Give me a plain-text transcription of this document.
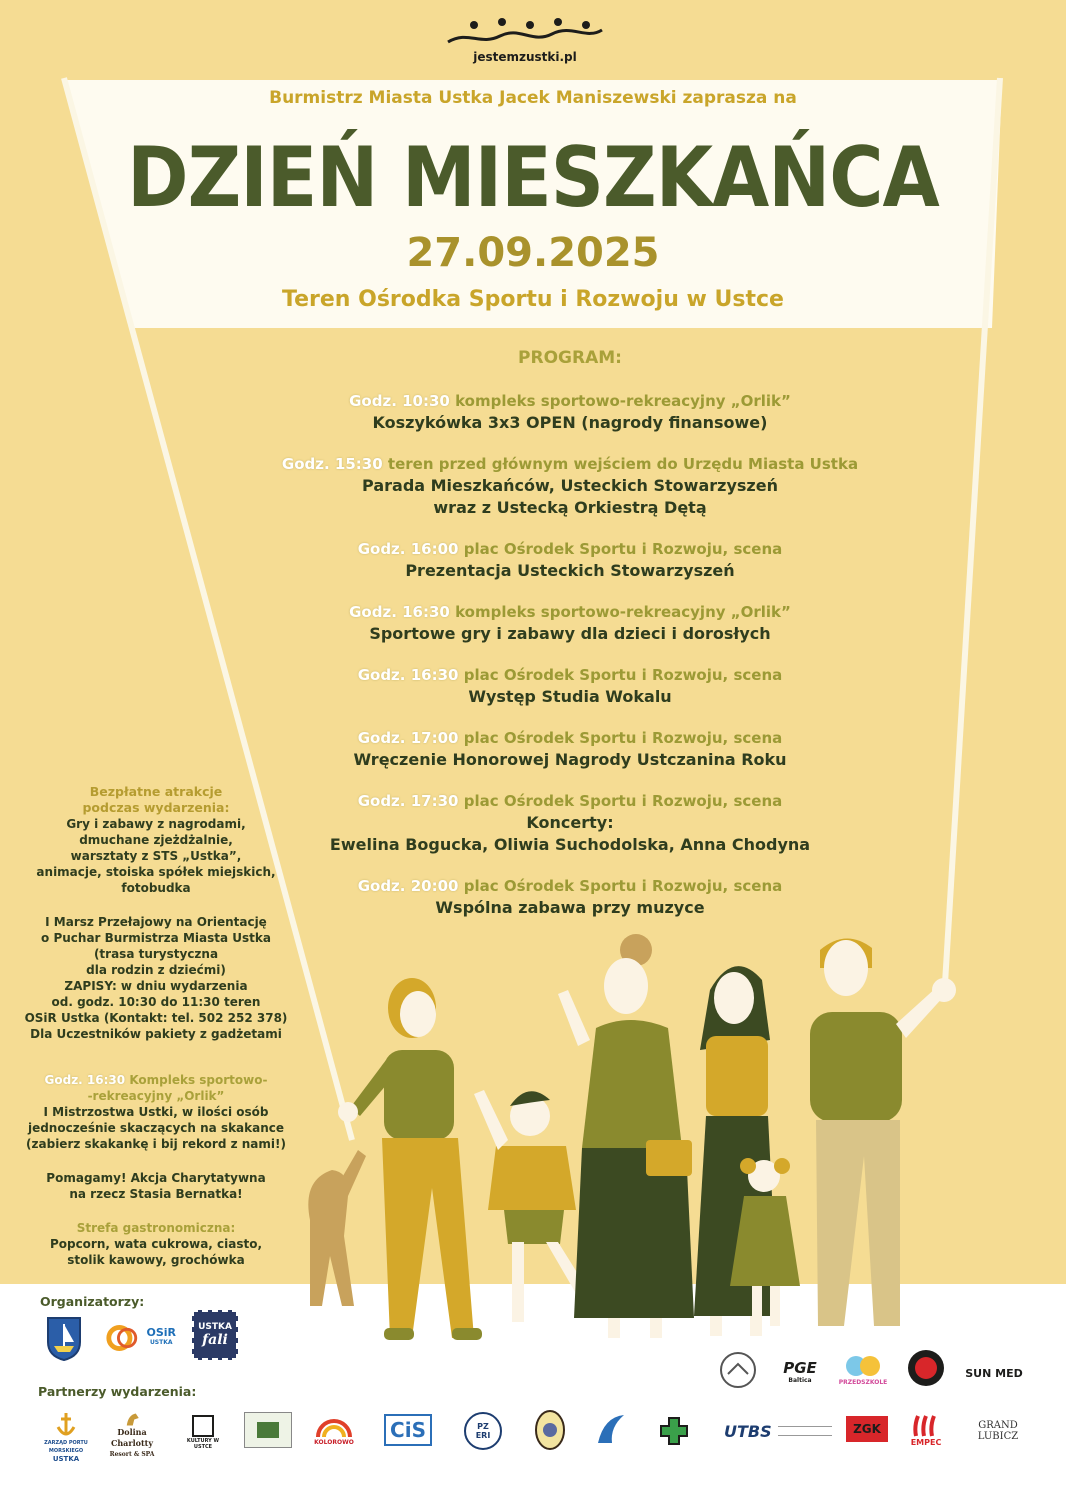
jestemzustki.pl
Burmistrz Miasta Ustka Jacek Maniszewski zaprasza na
DZIEŃ MIESZKAŃCA
27.09.2025
Teren Ośrodka Sportu i Rozwoju w Ustce
PROGRAM:
Godz. 10:30 kompleks sportowo-rekreacyjny „Orlik”
Koszykówka 3x3 OPEN (nagrody finansowe)
Godz. 15:30 teren przed głównym wejściem do Urzędu Miasta Ustka
Parada Mieszkańców, Usteckich Stowarzyszeń
wraz z Ustecką Orkiestrą Dętą
Godz. 16:00 plac Ośrodek Sportu i Rozwoju, scena
Prezentacja Usteckich Stowarzyszeń
Godz. 16:30 kompleks sportowo-rekreacyjny „Orlik”
Sportowe gry i zabawy dla dzieci i dorosłych
Godz. 16:30 plac Ośrodek Sportu i Rozwoju, scena
Występ Studia Wokalu
Godz. 17:00 plac Ośrodek Sportu i Rozwoju, scena
Wręczenie Honorowej Nagrody Ustczanina Roku
Godz. 17:30 plac Ośrodek Sportu i Rozwoju, scena
Koncerty:
Ewelina Bogucka, Oliwia Suchodolska, Anna Chodyna
Godz. 20:00 plac Ośrodek Sportu i Rozwoju, scena
Wspólna zabawa przy muzyce
Bezpłatne atrakcje
podczas wydarzenia:
Gry i zabawy z nagrodami,
dmuchane zjeżdżalnie,
warsztaty z STS „Ustka”,
animacje, stoiska spółek miejskich,
fotobudka
I Marsz Przełajowy na Orientację
o Puchar Burmistrza Miasta Ustka
(trasa turystyczna
dla rodzin z dziećmi)
ZAPISY: w dniu wydarzenia
od. godz. 10:30 do 11:30 teren
OSiR Ustka (Kontakt: tel. 502 252 378)
Dla Uczestników pakiety z gadżetami
Godz. 16:30 Kompleks sportowo-
-rekreacyjny „Orlik”
I Mistrzostwa Ustki, w ilości osób
jednocześnie skaczących na skakance
(zabierz skakankę i bij rekord z nami!)
Pomagamy! Akcja Charytatywna
na rzecz Stasia Bernatka!
Strefa gastronomiczna:
Popcorn, wata cukrowa, ciasto,
stolik kawowy, grochówka
Organizatorzy:
OSiR
USTKA
USTKA
fali
PGE
Baltica	PRZEDSZKOLE
SUN MED
Partnerzy wydarzenia:
ZARZĄD PORTU
MORSKIEGO
USTKA
Dolina Charlotty
Resort & SPA
KULTURY W USTCE
KOLOROWO	CiS	PZ
ERI	UTBS	ZGK
EMPEC
GRAND
LUBICZ
